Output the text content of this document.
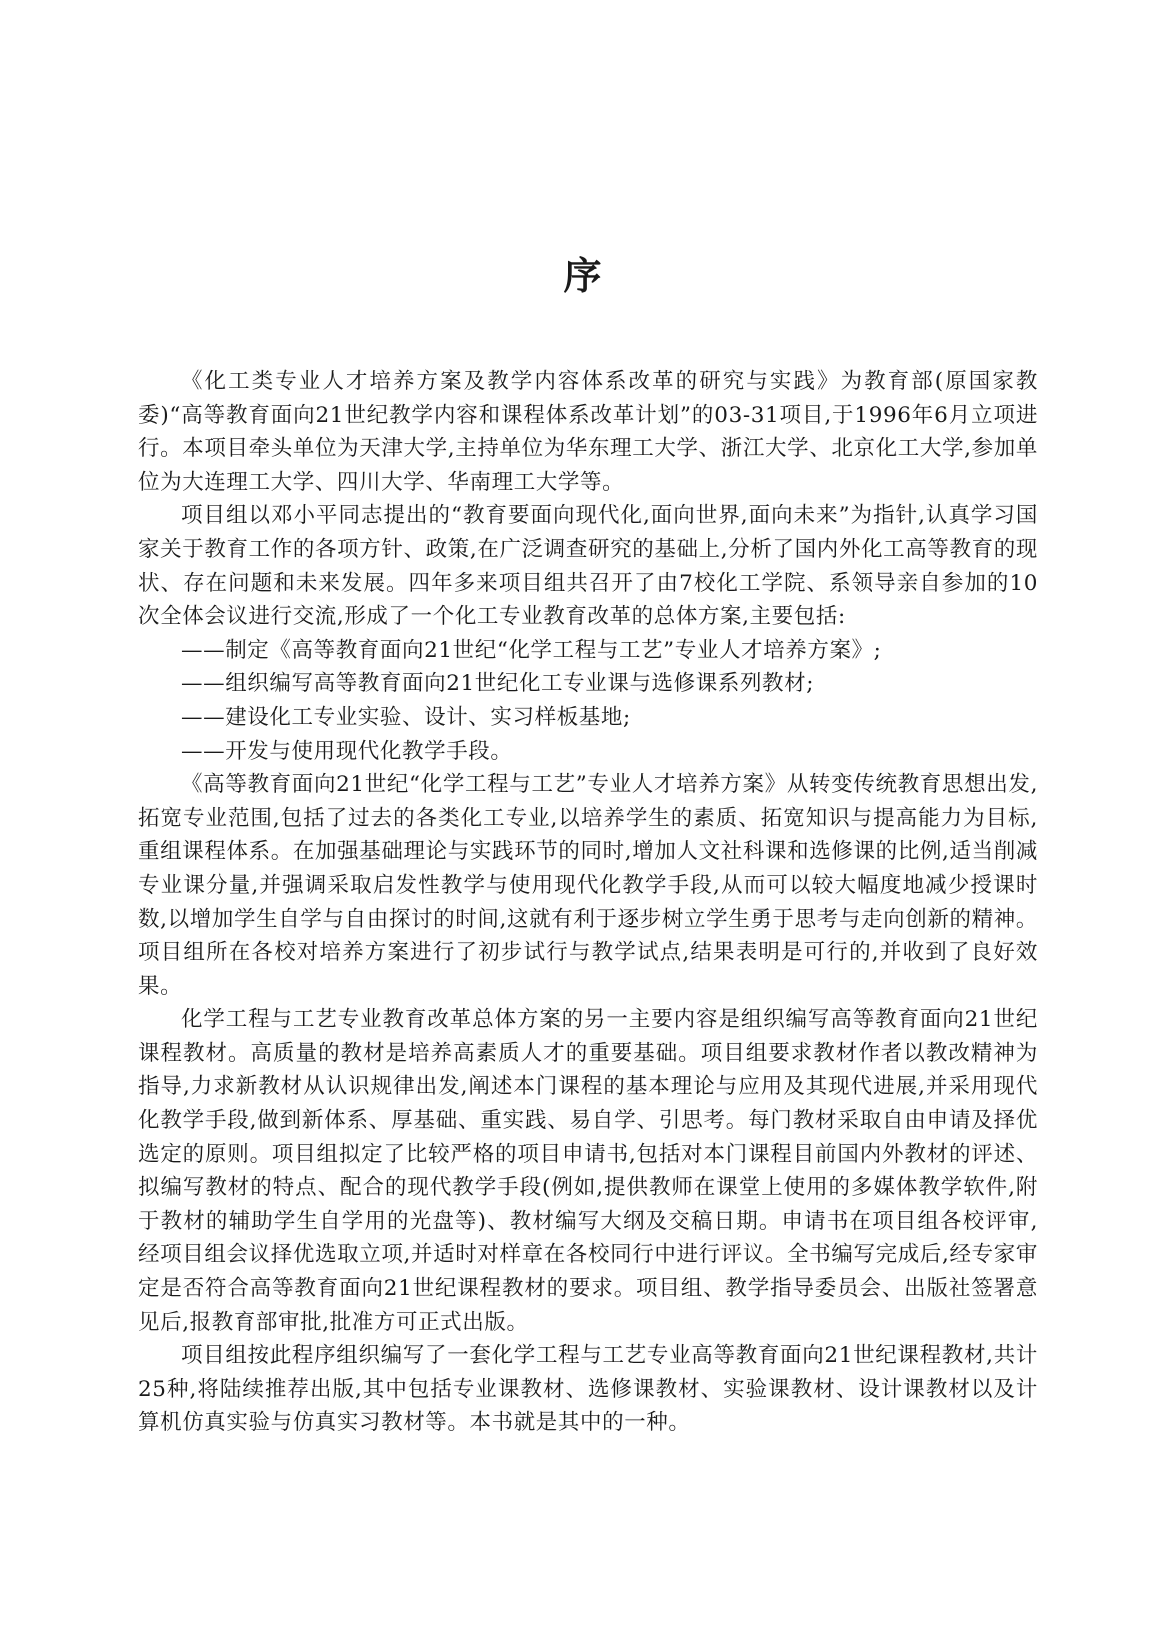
序

《化工类专业人才培养方案及教学内容体系改革的研究与实践》为教育部(原国家教委)“高等教育面向21世纪教学内容和课程体系改革计划”的03-31项目,于1996年6月立项进行。本项目牵头单位为天津大学,主持单位为华东理工大学、浙江大学、北京化工大学,参加单位为大连理工大学、四川大学、华南理工大学等。

项目组以邓小平同志提出的“教育要面向现代化,面向世界,面向未来”为指针,认真学习国家关于教育工作的各项方针、政策,在广泛调查研究的基础上,分析了国内外化工高等教育的现状、存在问题和未来发展。四年多来项目组共召开了由7校化工学院、系领导亲自参加的10次全体会议进行交流,形成了一个化工专业教育改革的总体方案,主要包括:

——制定《高等教育面向21世纪“化学工程与工艺”专业人才培养方案》;

——组织编写高等教育面向21世纪化工专业课与选修课系列教材;

——建设化工专业实验、设计、实习样板基地;

——开发与使用现代化教学手段。

《高等教育面向21世纪“化学工程与工艺”专业人才培养方案》从转变传统教育思想出发,拓宽专业范围,包括了过去的各类化工专业,以培养学生的素质、拓宽知识与提高能力为目标,重组课程体系。在加强基础理论与实践环节的同时,增加人文社科课和选修课的比例,适当削减专业课分量,并强调采取启发性教学与使用现代化教学手段,从而可以较大幅度地减少授课时数,以增加学生自学与自由探讨的时间,这就有利于逐步树立学生勇于思考与走向创新的精神。项目组所在各校对培养方案进行了初步试行与教学试点,结果表明是可行的,并收到了良好效果。

化学工程与工艺专业教育改革总体方案的另一主要内容是组织编写高等教育面向21世纪课程教材。高质量的教材是培养高素质人才的重要基础。项目组要求教材作者以教改精神为指导,力求新教材从认识规律出发,阐述本门课程的基本理论与应用及其现代进展,并采用现代化教学手段,做到新体系、厚基础、重实践、易自学、引思考。每门教材采取自由申请及择优选定的原则。项目组拟定了比较严格的项目申请书,包括对本门课程目前国内外教材的评述、拟编写教材的特点、配合的现代教学手段(例如,提供教师在课堂上使用的多媒体教学软件,附于教材的辅助学生自学用的光盘等)、教材编写大纲及交稿日期。申请书在项目组各校评审,经项目组会议择优选取立项,并适时对样章在各校同行中进行评议。全书编写完成后,经专家审定是否符合高等教育面向21世纪课程教材的要求。项目组、教学指导委员会、出版社签署意见后,报教育部审批,批准方可正式出版。

项目组按此程序组织编写了一套化学工程与工艺专业高等教育面向21世纪课程教材,共计25种,将陆续推荐出版,其中包括专业课教材、选修课教材、实验课教材、设计课教材以及计算机仿真实验与仿真实习教材等。本书就是其中的一种。
